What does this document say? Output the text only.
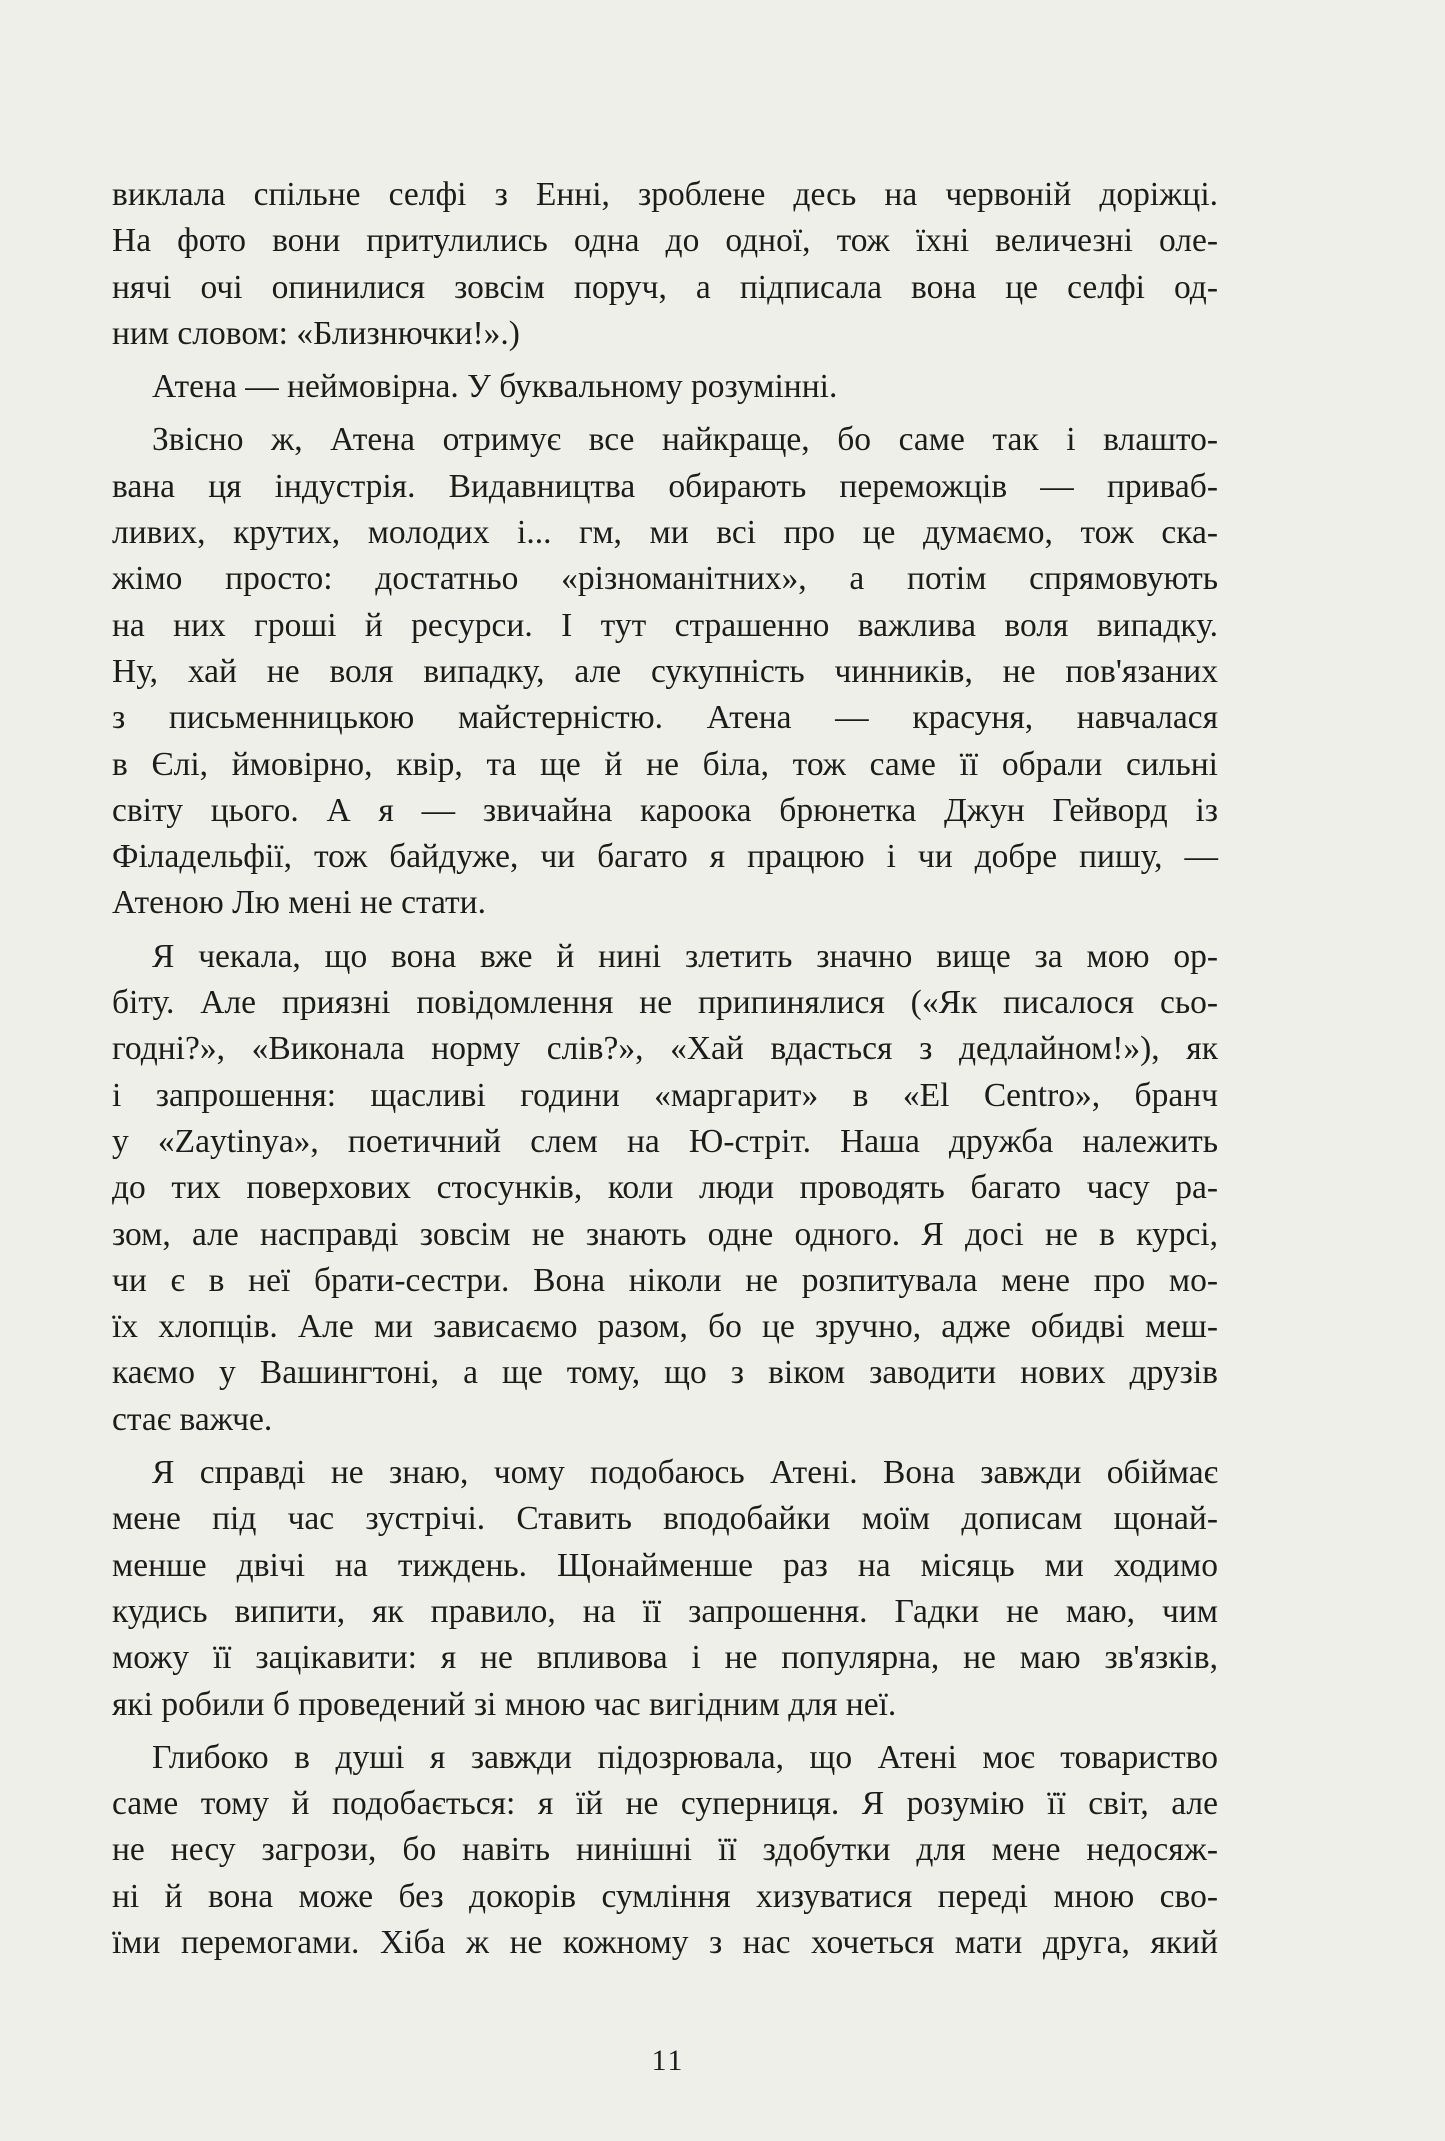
виклала спільне селфі з Енні, зроблене десь на червоній доріжці.
На фото вони притулились одна до одної, тож їхні величезні оле-
нячі очі опинилися зовсім поруч, а підписала вона це селфі од-
ним словом: «Близнючки!».)
Атена — неймовірна. У буквальному розумінні.
Звісно ж, Атена отримує все найкраще, бо саме так і влашто-
вана ця індустрія. Видавництва обирають переможців — приваб-
ливих, крутих, молодих і... гм, ми всі про це думаємо, тож ска-
жімо просто: достатньо «різноманітних», а потім спрямовують
на них гроші й ресурси. І тут страшенно важлива воля випадку.
Ну, хай не воля випадку, але сукупність чинників, не пов'язаних
з письменницькою майстерністю. Атена — красуня, навчалася
в Єлі, ймовірно, квір, та ще й не біла, тож саме її обрали сильні
світу цього. А я — звичайна кароока брюнетка Джун Гейворд із
Філадельфії, тож байдуже, чи багато я працюю і чи добре пишу, —
Атеною Лю мені не стати.
Я чекала, що вона вже й нині злетить значно вище за мою ор-
біту. Але приязні повідомлення не припинялися («Як писалося сьо-
годні?», «Виконала норму слів?», «Хай вдасться з дедлайном!»), як
і запрошення: щасливі години «маргарит» в «El Centro», бранч
у «Zaytinya», поетичний слем на Ю-стріт. Наша дружба належить
до тих поверхових стосунків, коли люди проводять багато часу ра-
зом, але насправді зовсім не знають одне одного. Я досі не в курсі,
чи є в неї брати-сестри. Вона ніколи не розпитувала мене про мо-
їх хлопців. Але ми зависаємо разом, бо це зручно, адже обидві меш-
каємо у Вашингтоні, а ще тому, що з віком заводити нових друзів
стає важче.
Я справді не знаю, чому подобаюсь Атені. Вона завжди обіймає
мене під час зустрічі. Ставить вподобайки моїм дописам щонай-
менше двічі на тиждень. Щонайменше раз на місяць ми ходимо
кудись випити, як правило, на її запрошення. Гадки не маю, чим
можу її зацікавити: я не впливова і не популярна, не маю зв'язків,
які робили б проведений зі мною час вигідним для неї.
Глибоко в душі я завжди підозрювала, що Атені моє товариство
саме тому й подобається: я їй не суперниця. Я розумію її світ, але
не несу загрози, бо навіть нинішні її здобутки для мене недосяж-
ні й вона може без докорів сумління хизуватися переді мною сво-
їми перемогами. Хіба ж не кожному з нас хочеться мати друга, який
11
